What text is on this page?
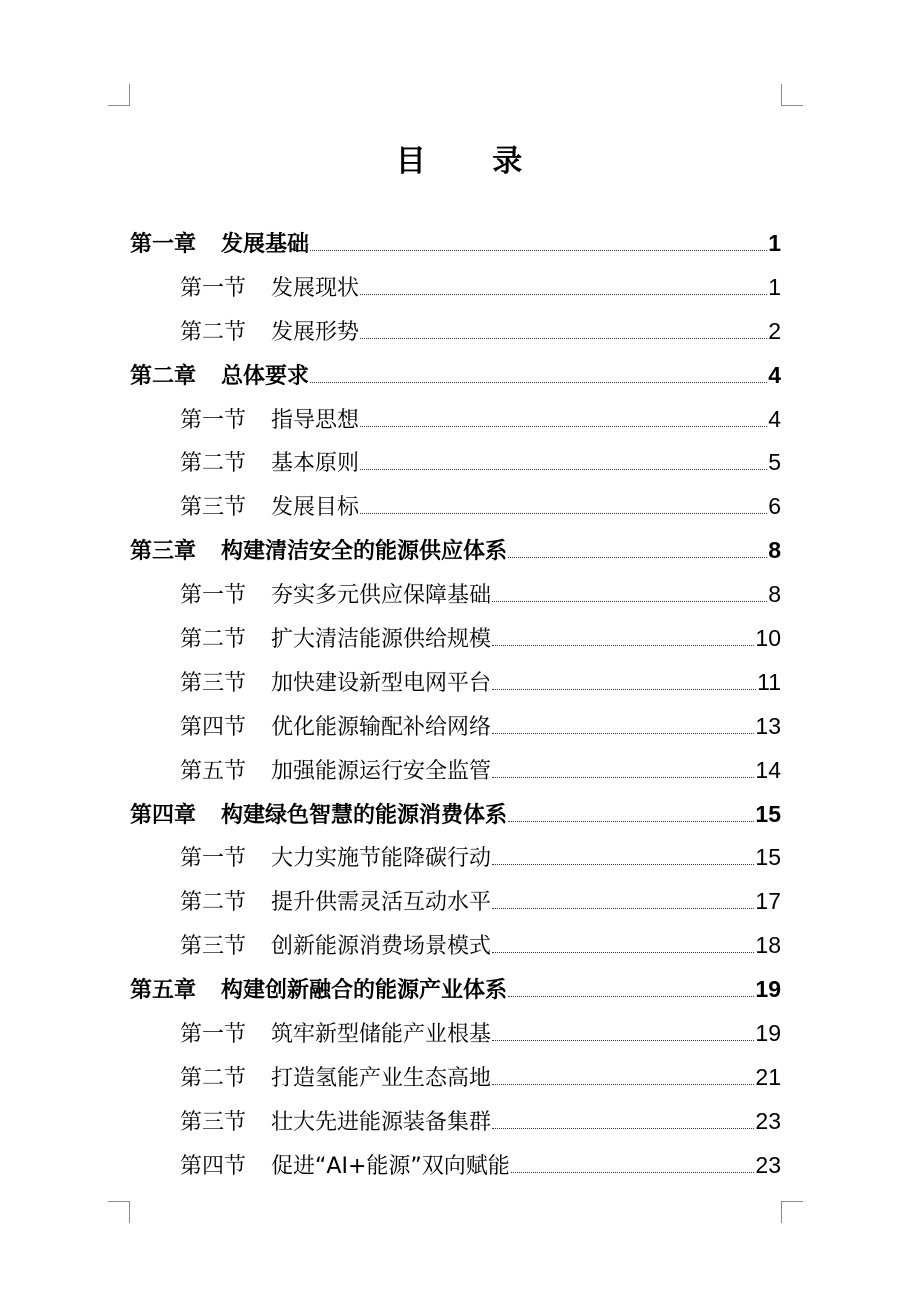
目 录
第一章 发展基础	1
第一节 发展现状	1
第二节 发展形势	2
第二章 总体要求	4
第一节 指导思想	4
第二节 基本原则	5
第三节 发展目标	6
第三章 构建清洁安全的能源供应体系	8
第一节 夯实多元供应保障基础	8
第二节 扩大清洁能源供给规模	10
第三节 加快建设新型电网平台	11
第四节 优化能源输配补给网络	13
第五节 加强能源运行安全监管	14
第四章 构建绿色智慧的能源消费体系	15
第一节 大力实施节能降碳行动	15
第二节 提升供需灵活互动水平	17
第三节 创新能源消费场景模式	18
第五章 构建创新融合的能源产业体系	19
第一节 筑牢新型储能产业根基	19
第二节 打造氢能产业生态高地	21
第三节 壮大先进能源装备集群	23
第四节 促进“AI+能源”双向赋能	23
